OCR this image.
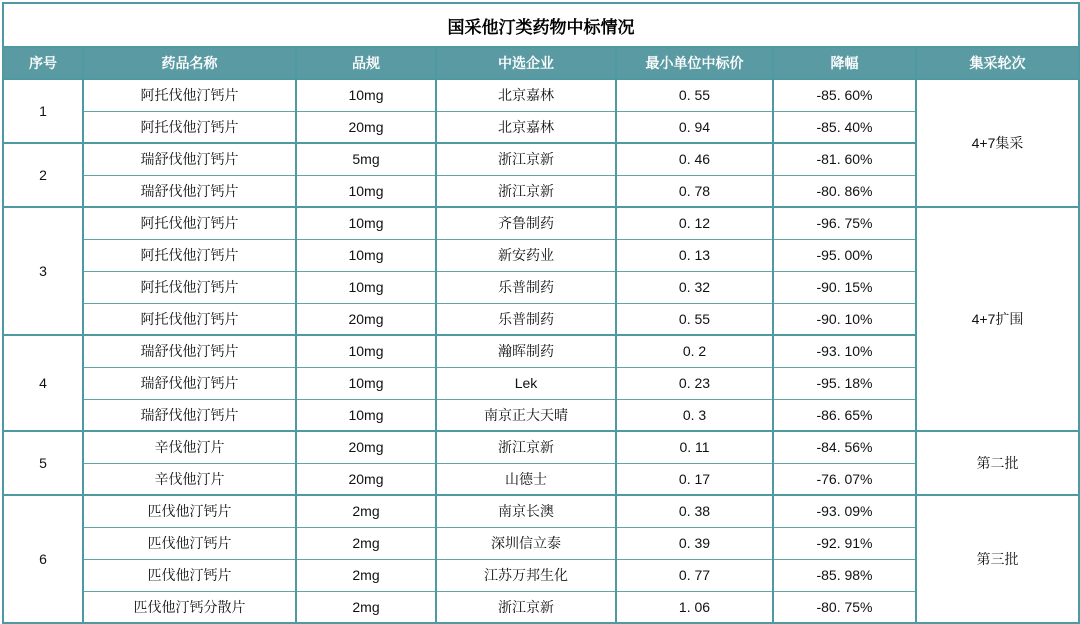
国采他汀类药物中标情况						
序号	药品名称	品规	中选企业	最小单位中标价	降幅	集采轮次
1	阿托伐他汀钙片	10mg	北京嘉林	0. 55	-85. 60%	4+7集采
	阿托伐他汀钙片	20mg	北京嘉林	0. 94	-85. 40%	
2	瑞舒伐他汀钙片	5mg	浙江京新	0. 46	-81. 60%	
	瑞舒伐他汀钙片	10mg	浙江京新	0. 78	-80. 86%	
3	阿托伐他汀钙片	10mg	齐鲁制药	0. 12	-96. 75%	4+7扩围
	阿托伐他汀钙片	10mg	新安药业	0. 13	-95. 00%	
	阿托伐他汀钙片	10mg	乐普制药	0. 32	-90. 15%	
	阿托伐他汀钙片	20mg	乐普制药	0. 55	-90. 10%	
4	瑞舒伐他汀钙片	10mg	瀚晖制药	0. 2	-93. 10%	
	瑞舒伐他汀钙片	10mg	Lek	0. 23	-95. 18%	
	瑞舒伐他汀钙片	10mg	南京正大天晴	0. 3	-86. 65%	
5	辛伐他汀片	20mg	浙江京新	0. 11	-84. 56%	第二批
	辛伐他汀片	20mg	山德士	0. 17	-76. 07%	
6	匹伐他汀钙片	2mg	南京长澳	0. 38	-93. 09%	第三批
	匹伐他汀钙片	2mg	深圳信立泰	0. 39	-92. 91%	
	匹伐他汀钙片	2mg	江苏万邦生化	0. 77	-85. 98%	
	匹伐他汀钙分散片	2mg	浙江京新	1. 06	-80. 75%	
